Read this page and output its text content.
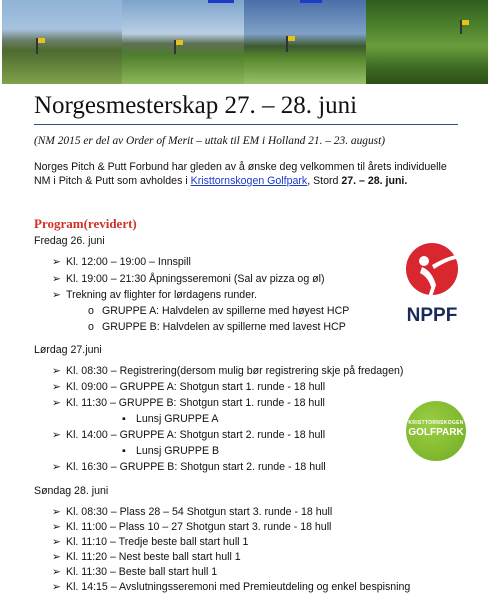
Norgesmesterskap 27. – 28. juni
(NM 2015 er del av Order of Merit – uttak til EM i Holland 21. – 23. august)
Norges Pitch & Putt Forbund har gleden av å ønske deg velkommen til årets individuelle NM i Pitch & Putt som avholdes i Kristtornskogen Golfpark, Stord 27. – 28. juni.
Program(revidert)
Fredag 26. juni
➢ Kl. 12:00 – 19:00 – Innspill
➢ Kl. 19:00 – 21:30 Åpningsseremoni (Sal av pizza og øl)
➢ Trekning av flighter for lørdagens runder.
o GRUPPE A: Halvdelen av spillerne med høyest HCP
o GRUPPE B: Halvdelen av spillerne med lavest HCP
NPPF
Lørdag 27.juni
➢ Kl. 08:30 – Registrering(dersom mulig bør registrering skje på fredagen)
➢ Kl. 09:00 – GRUPPE A: Shotgun start 1. runde - 18 hull
➢ Kl. 11:30 – GRUPPE B: Shotgun start 1. runde - 18 hull
▪ Lunsj GRUPPE A
➢ Kl. 14:00 – GRUPPE A: Shotgun start 2. runde - 18 hull
▪ Lunsj GRUPPE B
➢ Kl. 16:30 – GRUPPE B: Shotgun start 2. runde - 18 hull
KRISTTORNSKOGEN
GOLFPARK
Søndag 28. juni
➢ Kl. 08:30 – Plass 28 – 54 Shotgun start 3. runde - 18 hull
➢ Kl. 11:00 – Plass 10 – 27 Shotgun start 3. runde - 18 hull
➢ Kl. 11:10 – Tredje beste ball start hull 1
➢ Kl. 11:20 – Nest beste ball start hull 1
➢ Kl. 11:30 – Beste ball start hull 1
➢ Kl. 14:15 – Avslutningsseremoni med Premieutdeling og enkel bespisning
